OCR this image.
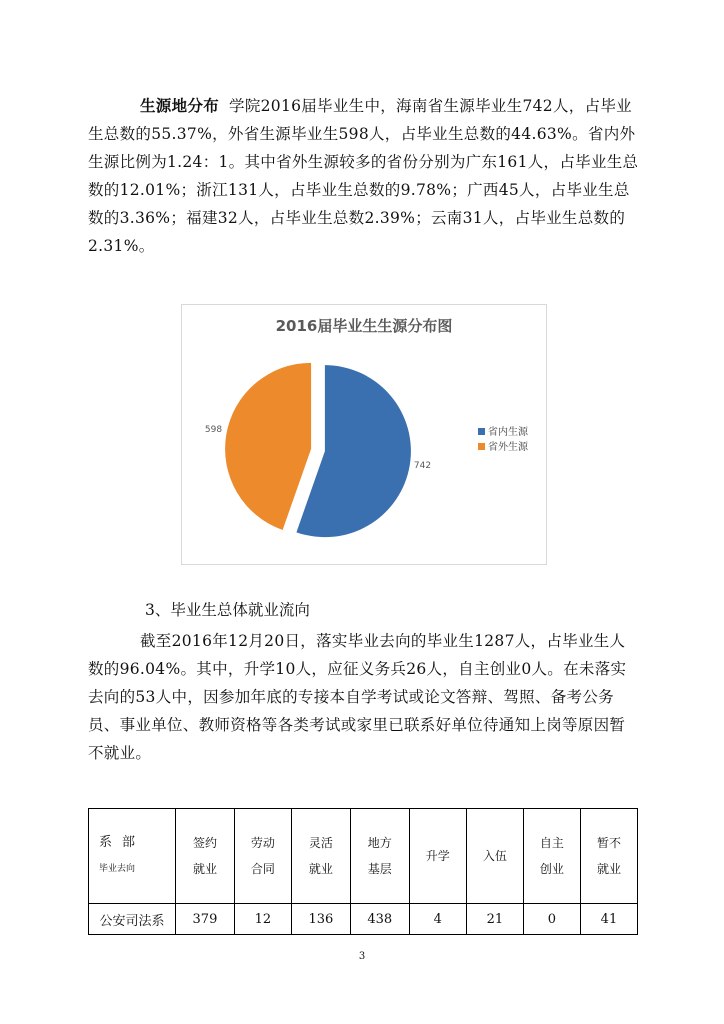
生源地分布 学院2016届毕业生中，海南省生源毕业生742人，占毕业生总数的55.37%，外省生源毕业生598人，占毕业生总数的44.63%。省内外生源比例为1.24：1。其中省外生源较多的省份分别为广东161人，占毕业生总数的12.01%；浙江131人，占毕业生总数的9.78%；广西45人，占毕业生总数的3.36%；福建32人，占毕业生总数2.39%；云南31人，占毕业生总数的2.31%。

2016届毕业生生源分布图
742
598	省内生源
省外生源

3、毕业生总体就业流向

截至2016年12月20日，落实毕业去向的毕业生1287人，占毕业生人数的96.04%。其中，升学10人，应征义务兵26人，自主创业0人。在未落实去向的53人中，因参加年底的专接本自学考试或论文答辩、驾照、备考公务员、事业单位、教师资格等各类考试或家里已联系好单位待通知上岗等原因暂不就业。

系部
毕业去向	签约
就业	劳动
合同	灵活
就业	地方
基层	升学	入伍	自主
创业	暂不
就业

公安司法系	379	12	136	438	4	21	0	41
3
